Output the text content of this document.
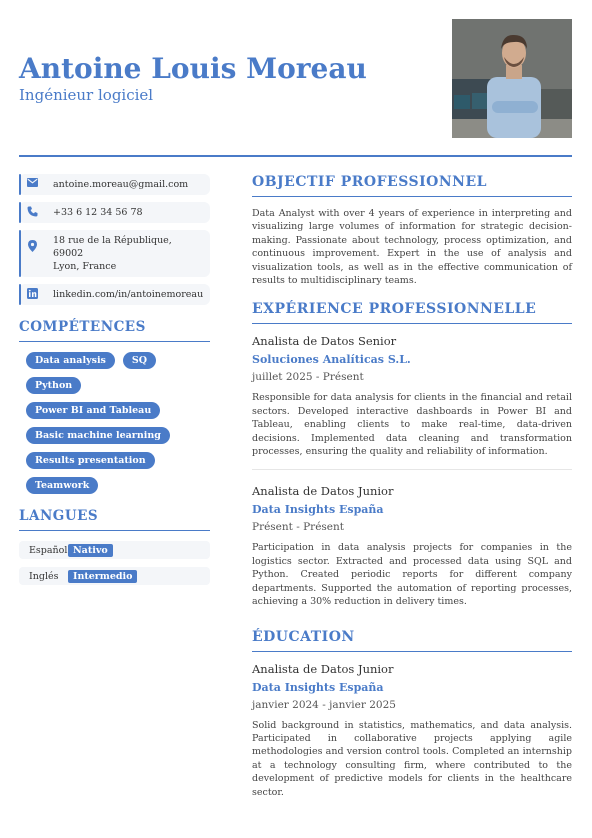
Antoine Louis Moreau
Ingénieur logiciel
antoine.moreau@gmail.com
+33 6 12 34 56 78
18 rue de la République, 69002
Lyon, France
linkedin.com/in/antoinemoreau
COMPÉTENCES
Data analysis	SQ
Python
Power BI and Tableau
Basic machine learning
Results presentation
Teamwork
LANGUES
Español Nativo
Inglés	Intermedio
OBJECTIF PROFESSIONNEL
Data Analyst with over 4 years of experience in interpreting and visualizing large volumes of information for strategic decision-making. Passionate about technology, process optimization, and continuous improvement. Expert in the use of analysis and visualization tools, as well as in the effective communication of results to multidisciplinary teams.
EXPÉRIENCE PROFESSIONNELLE
Analista de Datos Senior
Soluciones Analíticas S.L.
juillet 2025 - Présent
Responsible for data analysis for clients in the financial and retail sectors. Developed interactive dashboards in Power BI and Tableau, enabling clients to make real-time, data-driven decisions. Implemented data cleaning and transformation processes, ensuring the quality and reliability of information.
Analista de Datos Junior
Data Insights España
Présent - Présent
Participation in data analysis projects for companies in the logistics sector. Extracted and processed data using SQL and Python. Created periodic reports for different company departments. Supported the automation of reporting processes, achieving a 30% reduction in delivery times.
ÉDUCATION
Analista de Datos Junior
Data Insights España
janvier 2024 - janvier 2025
Solid background in statistics, mathematics, and data analysis. Participated in collaborative projects applying agile methodologies and version control tools. Completed an internship at a technology consulting firm, where contributed to the development of predictive models for clients in the healthcare sector.
